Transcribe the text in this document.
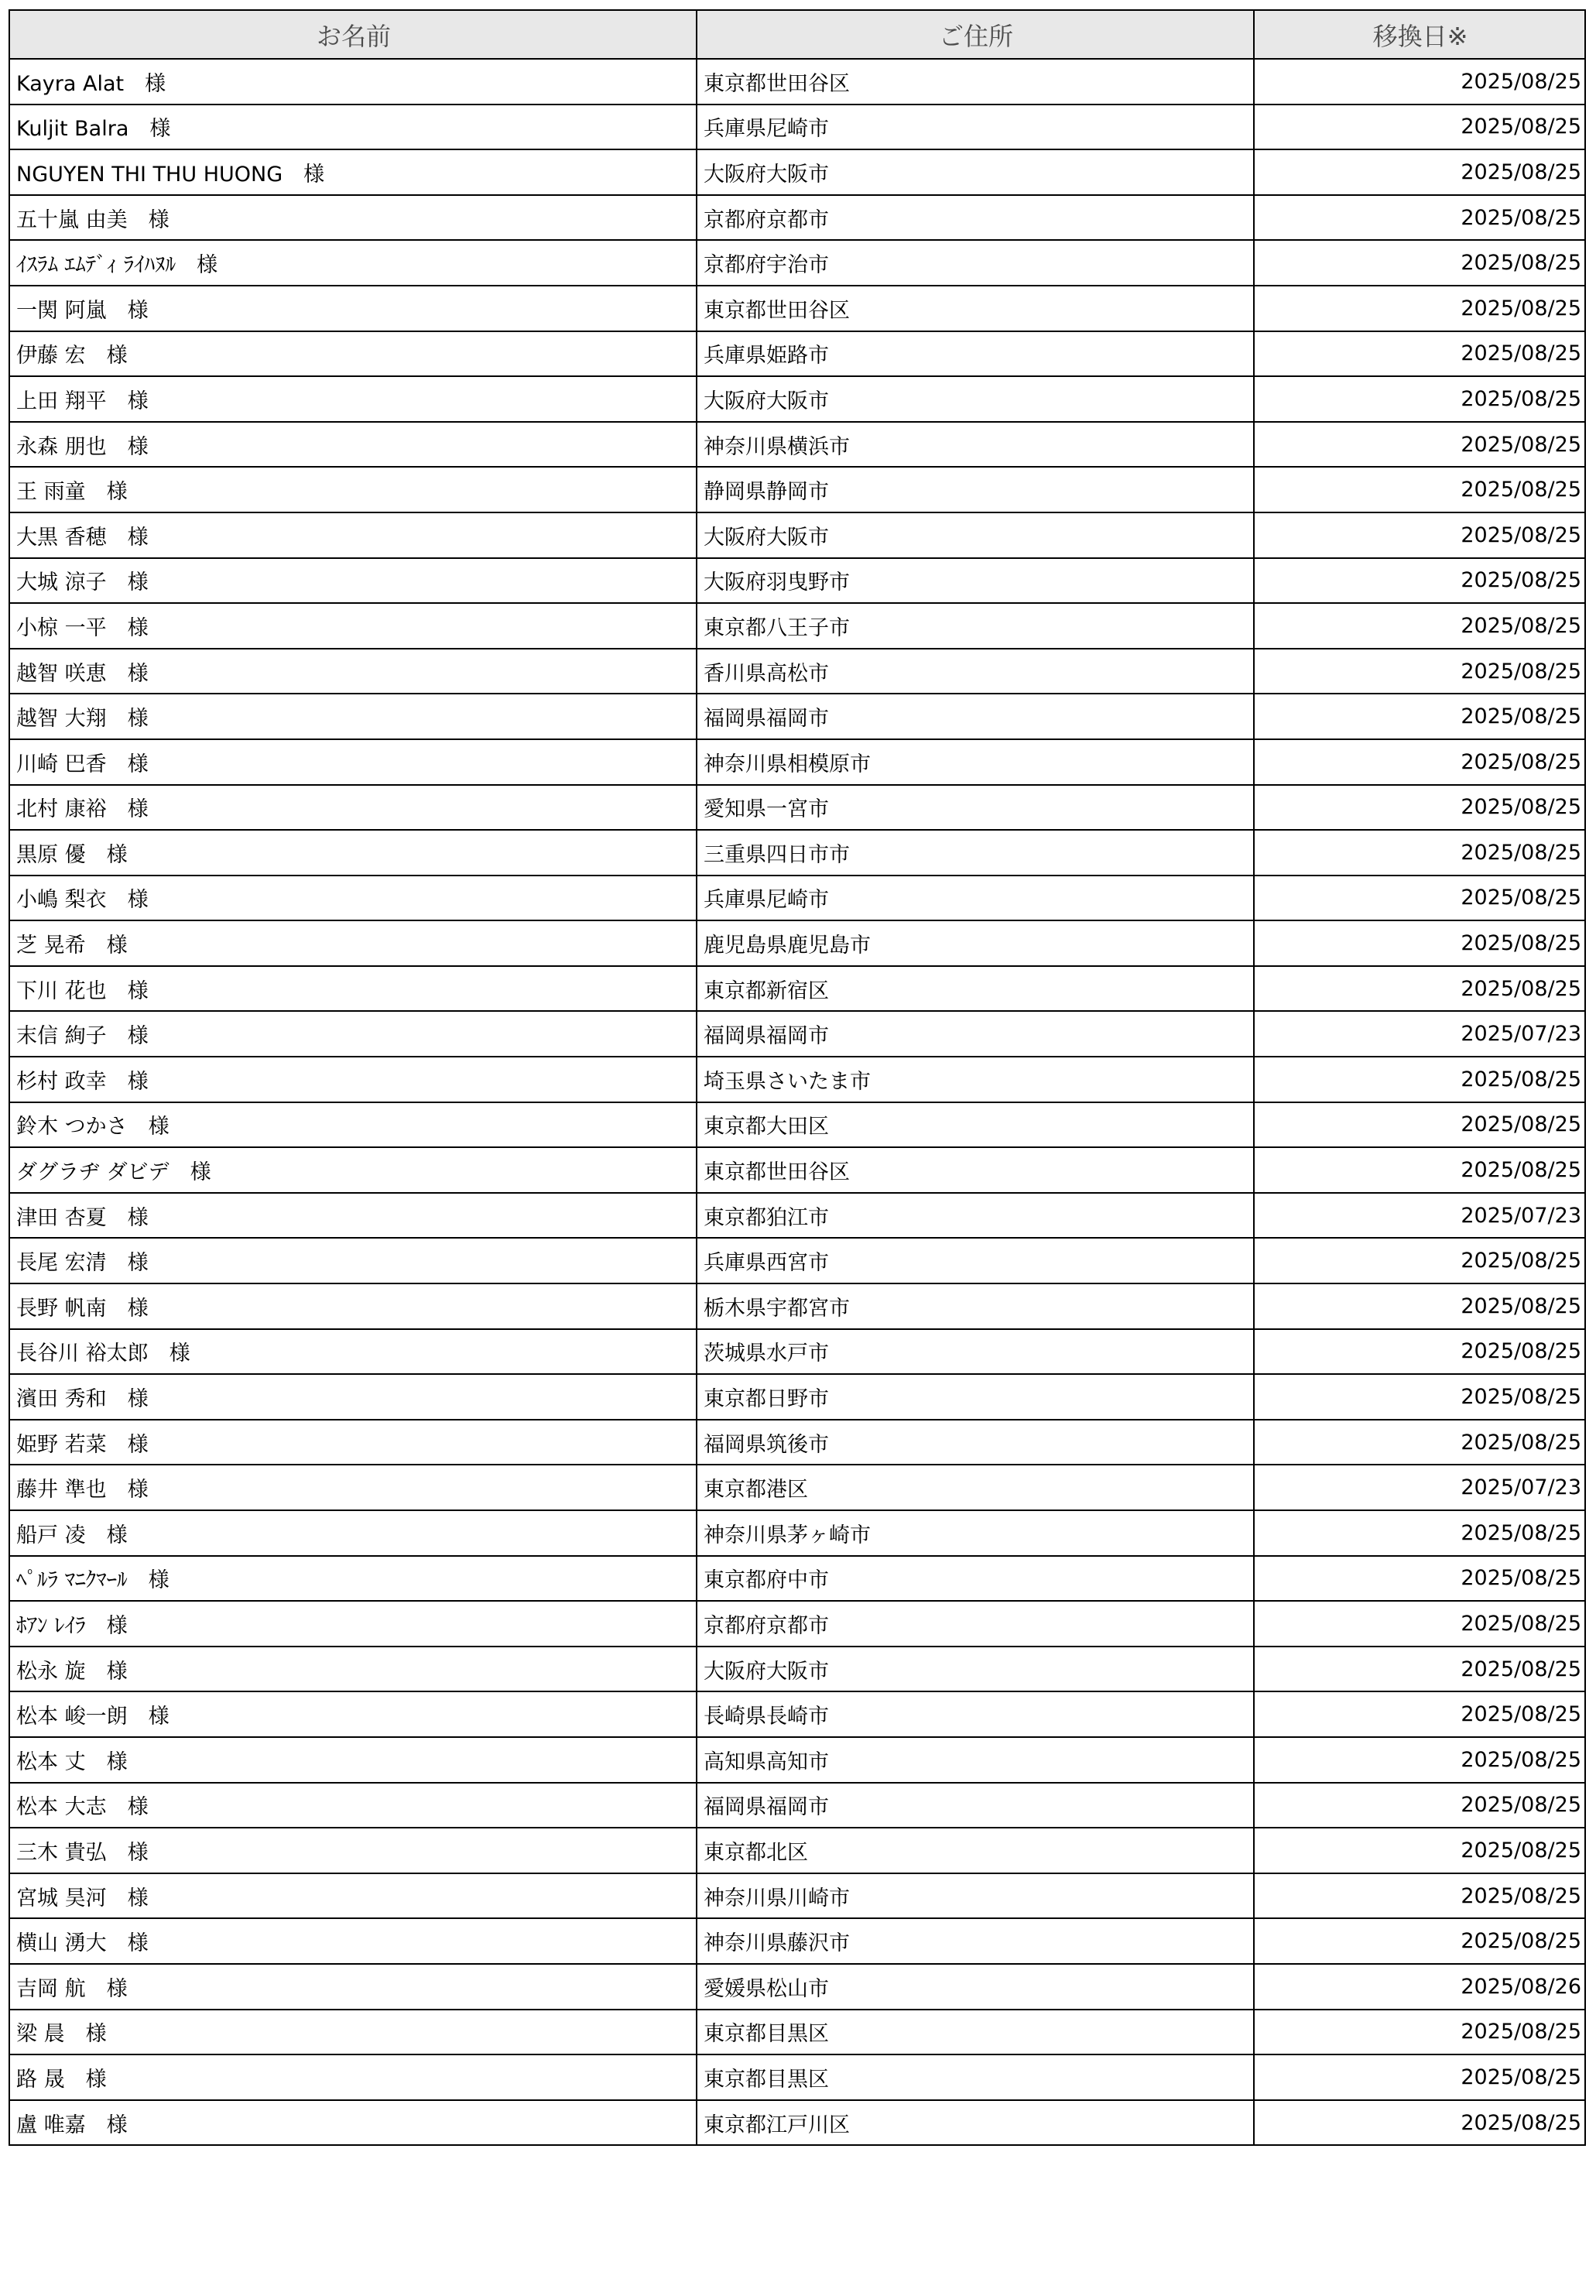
お名前	ご住所	移換日※
Kayra Alat　様	東京都世田谷区	2025/08/25
Kuljit Balra　様	兵庫県尼崎市	2025/08/25
NGUYEN THI THU HUONG　様	大阪府大阪市	2025/08/25
五十嵐 由美　様	京都府京都市	2025/08/25
ｲｽﾗﾑ ｴﾑﾃﾞｨ ﾗｲﾊﾇﾙ　様	京都府宇治市	2025/08/25
一関 阿嵐　様	東京都世田谷区	2025/08/25
伊藤 宏　様	兵庫県姫路市	2025/08/25
上田 翔平　様	大阪府大阪市	2025/08/25
永森 朋也　様	神奈川県横浜市	2025/08/25
王 雨童　様	静岡県静岡市	2025/08/25
大黒 香穂　様	大阪府大阪市	2025/08/25
大城 涼子　様	大阪府羽曳野市	2025/08/25
小椋 一平　様	東京都八王子市	2025/08/25
越智 咲恵　様	香川県高松市	2025/08/25
越智 大翔　様	福岡県福岡市	2025/08/25
川崎 巴香　様	神奈川県相模原市	2025/08/25
北村 康裕　様	愛知県一宮市	2025/08/25
黒原 優　様	三重県四日市市	2025/08/25
小嶋 梨衣　様	兵庫県尼崎市	2025/08/25
芝 晃希　様	鹿児島県鹿児島市	2025/08/25
下川 花也　様	東京都新宿区	2025/08/25
末信 絢子　様	福岡県福岡市	2025/07/23
杉村 政幸　様	埼玉県さいたま市	2025/08/25
鈴木 つかさ　様	東京都大田区	2025/08/25
ダグラヂ ダビデ　様	東京都世田谷区	2025/08/25
津田 杏夏　様	東京都狛江市	2025/07/23
長尾 宏清　様	兵庫県西宮市	2025/08/25
長野 帆南　様	栃木県宇都宮市	2025/08/25
長谷川 裕太郎　様	茨城県水戸市	2025/08/25
濱田 秀和　様	東京都日野市	2025/08/25
姫野 若菜　様	福岡県筑後市	2025/08/25
藤井 準也　様	東京都港区	2025/07/23
船戸 凌　様	神奈川県茅ヶ崎市	2025/08/25
ﾍﾟﾙﾗ ﾏﾆｸﾏｰﾙ　様	東京都府中市	2025/08/25
ﾎｱﾝ ﾚｲﾗ　様	京都府京都市	2025/08/25
松永 旋　様	大阪府大阪市	2025/08/25
松本 峻一朗　様	長崎県長崎市	2025/08/25
松本 丈　様	高知県高知市	2025/08/25
松本 大志　様	福岡県福岡市	2025/08/25
三木 貴弘　様	東京都北区	2025/08/25
宮城 昊河　様	神奈川県川崎市	2025/08/25
横山 湧大　様	神奈川県藤沢市	2025/08/25
吉岡 航　様	愛媛県松山市	2025/08/26
梁 晨　様	東京都目黒区	2025/08/25
路 晟　様	東京都目黒区	2025/08/25
盧 唯嘉　様	東京都江戸川区	2025/08/25
